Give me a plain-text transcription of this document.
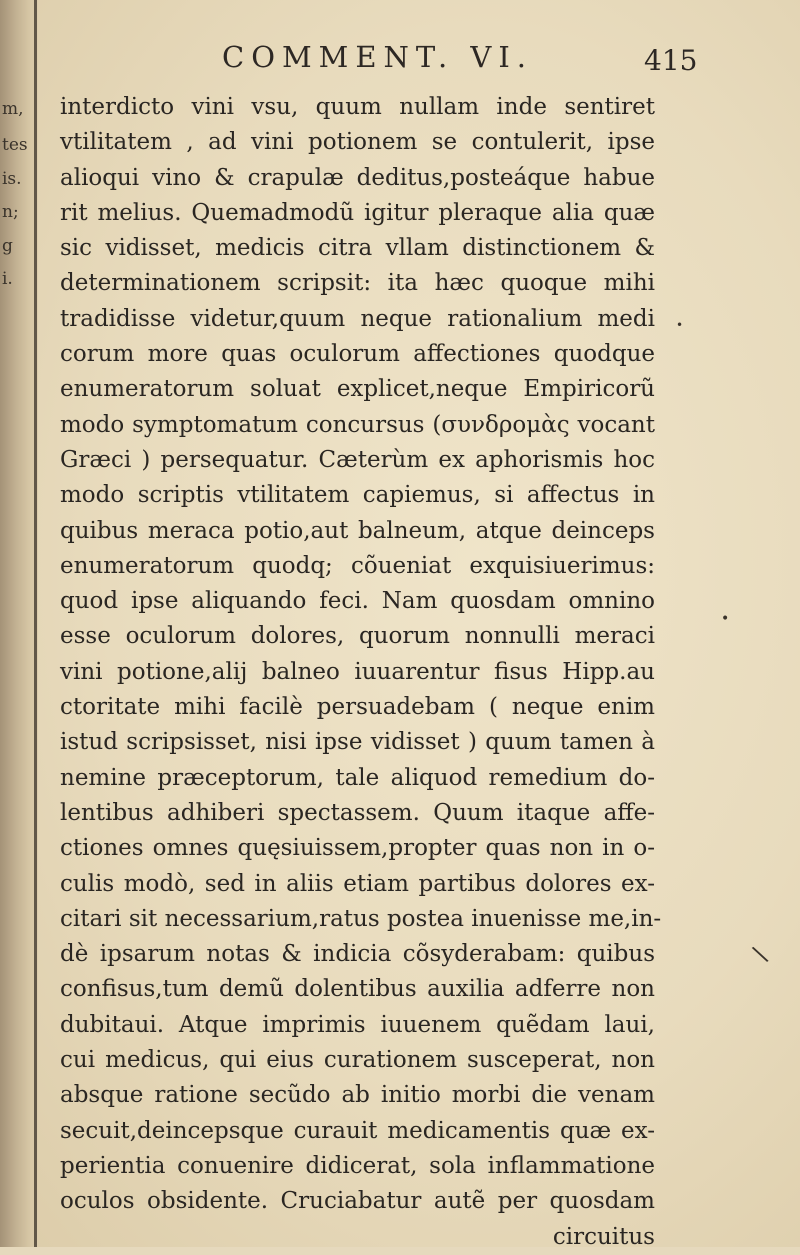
m,
tes
is.
n;
g
i.
COMMENT. VI.	415
interdicto vini vsu, quum nullam inde sentiret
vtilitatem , ad vini potionem se contulerit, ipse
alioqui vino & crapulæ deditus,posteáque habue
rit melius. Quemadmodũ igitur pleraque alia quæ
sic vidisset, medicis citra vllam distinctionem &
determinationem scripsit: ita hæc quoque mihi
tradidisse videtur,quum neque rationalium medi
corum more quas oculorum affectiones quodque
enumeratorum soluat explicet,neque Empiricorũ
modo symptomatum concursus (συνδρομὰς vocant
Græci ) persequatur. Cæterùm ex aphorismis hoc
modo scriptis vtilitatem capiemus, si affectus in
quibus meraca potio,aut balneum, atque deinceps
enumeratorum quodq; cõueniat exquisiuerimus:
quod ipse aliquando feci. Nam quosdam omnino
esse oculorum dolores, quorum nonnulli meraci
vini potione,alij balneo iuuarentur fisus Hipp.au
ctoritate mihi facilè persuadebam ( neque enim
istud scripsisset, nisi ipse vidisset ) quum tamen à
nemine præceptorum, tale aliquod remedium do-
lentibus adhiberi spectassem. Quum itaque affe-
ctiones omnes quęsiuissem,propter quas non in o-
culis modò, sed in aliis etiam partibus dolores ex-
citari sit necessarium,ratus postea inuenisse me,in-
dè ipsarum notas & indicia cõsyderabam: quibus
confisus,tum demũ dolentibus auxilia adferre non
dubitaui. Atque imprimis iuuenem quẽdam laui,
cui medicus, qui eius curationem susceperat, non
absque ratione secũdo ab initio morbi die venam
secuit,deincepsque curauit medicamentis quæ ex-
perientia conuenire didicerat, sola inflammatione
oculos obsidente. Cruciabatur autẽ per quosdam
circuitus
•
•
\
